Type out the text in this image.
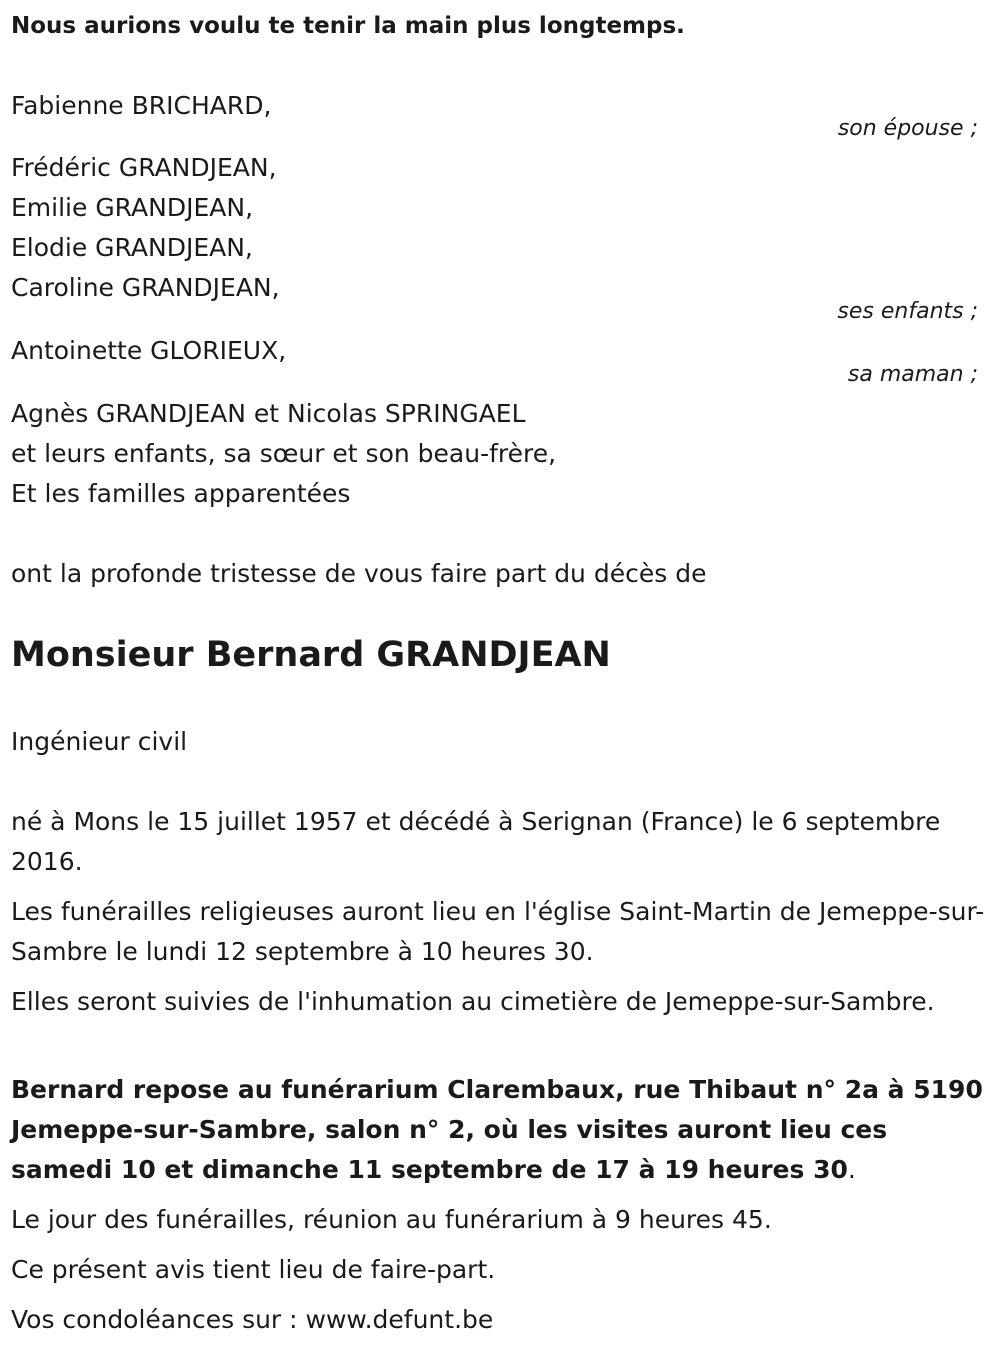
Nous aurions voulu te tenir la main plus longtemps.
Fabienne BRICHARD,
son épouse ;
Frédéric GRANDJEAN,
Emilie GRANDJEAN,
Elodie GRANDJEAN,
Caroline GRANDJEAN,
ses enfants ;
Antoinette GLORIEUX,
sa maman ;
Agnès GRANDJEAN et Nicolas SPRINGAEL
et leurs enfants, sa sœur et son beau-frère,
Et les familles apparentées
ont la profonde tristesse de vous faire part du décès de
Monsieur Bernard GRANDJEAN
Ingénieur civil

né à Mons le 15 juillet 1957 et décédé à Serignan (France) le 6 septembre 2016.

Les funérailles religieuses auront lieu en l'église Saint-Martin de Jemeppe-sur-Sambre le lundi 12 septembre à 10 heures 30.

Elles seront suivies de l'inhumation au cimetière de Jemeppe-sur-Sambre.

Bernard repose au funérarium Clarembaux, rue Thibaut n° 2a à 5190 Jemeppe-sur-Sambre, salon n° 2, où les visites auront lieu ces samedi 10 et dimanche 11 septembre de 17 à 19 heures 30.

Le jour des funérailles, réunion au funérarium à 9 heures 45.
Ce présent avis tient lieu de faire-part.
Vos condoléances sur : www.defunt.be
